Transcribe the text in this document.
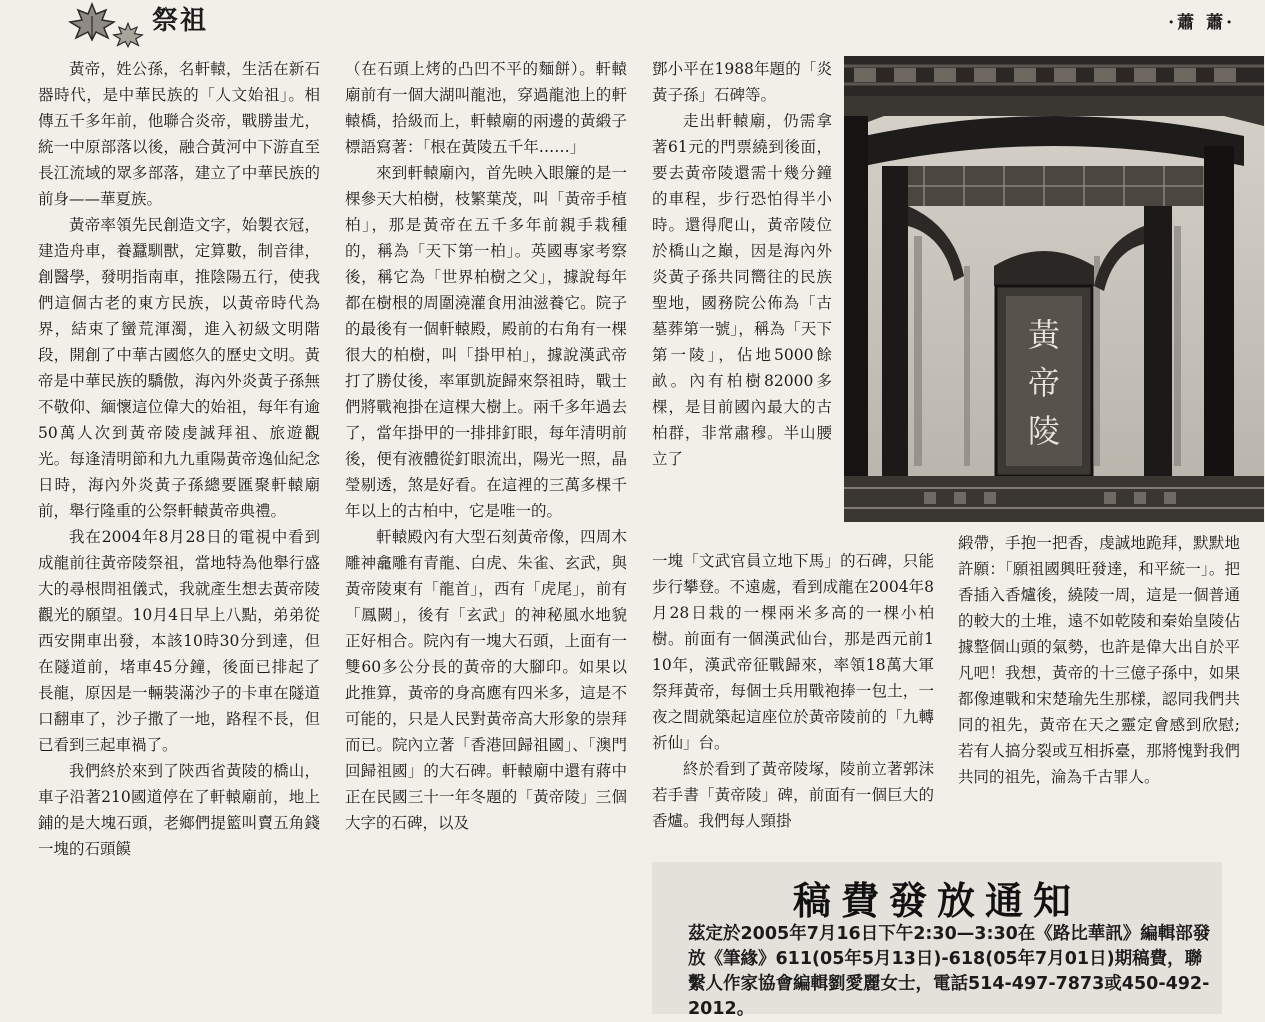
祭祖	·蕭 蕭·

黃帝，姓公孫，名軒轅，生活在新石器時代，是中華民族的「人文始祖」。相傳五千多年前，他聯合炎帝，戰勝蚩尤，統一中原部落以後，融合黃河中下游直至長江流域的眾多部落，建立了中華民族的前身——華夏族。

黃帝率領先民創造文字，始製衣冠，建造舟車，養蠶馴獸，定算數，制音律，創醫學，發明指南車，推陰陽五行，使我們這個古老的東方民族，以黃帝時代為界，結束了蠻荒渾濁，進入初級文明階段，開創了中華古國悠久的歷史文明。黃帝是中華民族的驕傲，海內外炎黃子孫無不敬仰、緬懷這位偉大的始祖，每年有逾50萬人次到黃帝陵虔誠拜祖、旅遊觀光。每逢清明節和九九重陽黃帝逸仙紀念日時，海內外炎黃子孫總要匯聚軒轅廟前，舉行隆重的公祭軒轅黃帝典禮。

我在2004年8月28日的電視中看到成龍前往黃帝陵祭祖，當地特為他舉行盛大的尋根問祖儀式，我就產生想去黃帝陵觀光的願望。10月4日早上八點，弟弟從西安開車出發，本該10時30分到達，但在隧道前，堵車45分鐘，後面已排起了長龍，原因是一輛裝滿沙子的卡車在隧道口翻車了，沙子撒了一地，路程不長，但已看到三起車禍了。

我們終於來到了陝西省黃陵的橋山，車子沿著210國道停在了軒轅廟前，地上鋪的是大塊石頭，老鄉們提籃叫賣五角錢一塊的石頭饃

（在石頭上烤的凸凹不平的麵餅）。軒轅廟前有一個大湖叫龍池，穿過龍池上的軒轅橋，拾級而上，軒轅廟的兩邊的黃緞子標語寫著：「根在黃陵五千年……」

來到軒轅廟內，首先映入眼簾的是一棵參天大柏樹，枝繁葉茂，叫「黃帝手植柏」，那是黃帝在五千多年前親手栽種的，稱為「天下第一柏」。英國專家考察後，稱它為「世界柏樹之父」，據說每年都在樹根的周圍澆灌食用油滋養它。院子的最後有一個軒轅殿，殿前的右角有一棵很大的柏樹，叫「掛甲柏」，據說漢武帝打了勝仗後，率軍凱旋歸來祭祖時，戰士們將戰袍掛在這棵大樹上。兩千多年過去了，當年掛甲的一排排釘眼，每年清明前後，便有液體從釘眼流出，陽光一照，晶瑩剔透，煞是好看。在這裡的三萬多棵千年以上的古柏中，它是唯一的。

軒轅殿內有大型石刻黃帝像，四周木雕神龕雕有青龍、白虎、朱雀、玄武，與黃帝陵東有「龍首」，西有「虎尾」，前有「鳳闕」，後有「玄武」的神秘風水地貌正好相合。院內有一塊大石頭，上面有一雙60多公分長的黃帝的大腳印。如果以此推算，黃帝的身高應有四米多，這是不可能的，只是人民對黃帝高大形象的崇拜而已。院內立著「香港回歸祖國」、「澳門回歸祖國」的大石碑。軒轅廟中還有蔣中正在民國三十一年冬題的「黃帝陵」三個大字的石碑，以及

鄧小平在1988年題的「炎黃子孫」石碑等。

走出軒轅廟，仍需拿著61元的門票繞到後面，要去黃帝陵還需十幾分鐘的車程，步行恐怕得半小時。還得爬山，黃帝陵位於橋山之巔，因是海內外炎黃子孫共同嚮往的民族聖地，國務院公佈為「古墓葬第一號」，稱為「天下第一陵」，佔地5000餘畝。內有柏樹82000多棵，是目前國內最大的古柏群，非常肅穆。半山腰立了

一塊「文武官員立地下馬」的石碑，只能步行攀登。不遠處，看到成龍在2004年8月28日栽的一棵兩米多高的一棵小柏樹。前面有一個漢武仙台，那是西元前110年，漢武帝征戰歸來，率領18萬大軍祭拜黃帝，每個士兵用戰袍捧一包土，一夜之間就築起這座位於黃帝陵前的「九轉祈仙」台。

終於看到了黃帝陵塚，陵前立著郭沫若手書「黃帝陵」碑，前面有一個巨大的香爐。我們每人頸掛

緞帶，手抱一把香，虔誠地跪拜，默默地許願：「願祖國興旺發達，和平統一」。把香插入香爐後，繞陵一周，這是一個普通的較大的土堆，遠不如乾陵和秦始皇陵佔據整個山頭的氣勢，也許是偉大出自於平凡吧！我想，黃帝的十三億子孫中，如果都像連戰和宋楚瑜先生那樣，認同我們共同的祖先，黃帝在天之靈定會感到欣慰;若有人搞分裂或互相拆臺，那將愧對我們共同的祖先，淪為千古罪人。

黃
帝
陵
稿費發放通知
茲定於2005年7月16日下午2:30—3:30在《路比華訊》編輯部發放《筆緣》611(05年5月13日)-618(05年7月01日)期稿費，聯繫人作家協會編輯劉愛麗女士，電話514-497-7873或450-492-2012。
